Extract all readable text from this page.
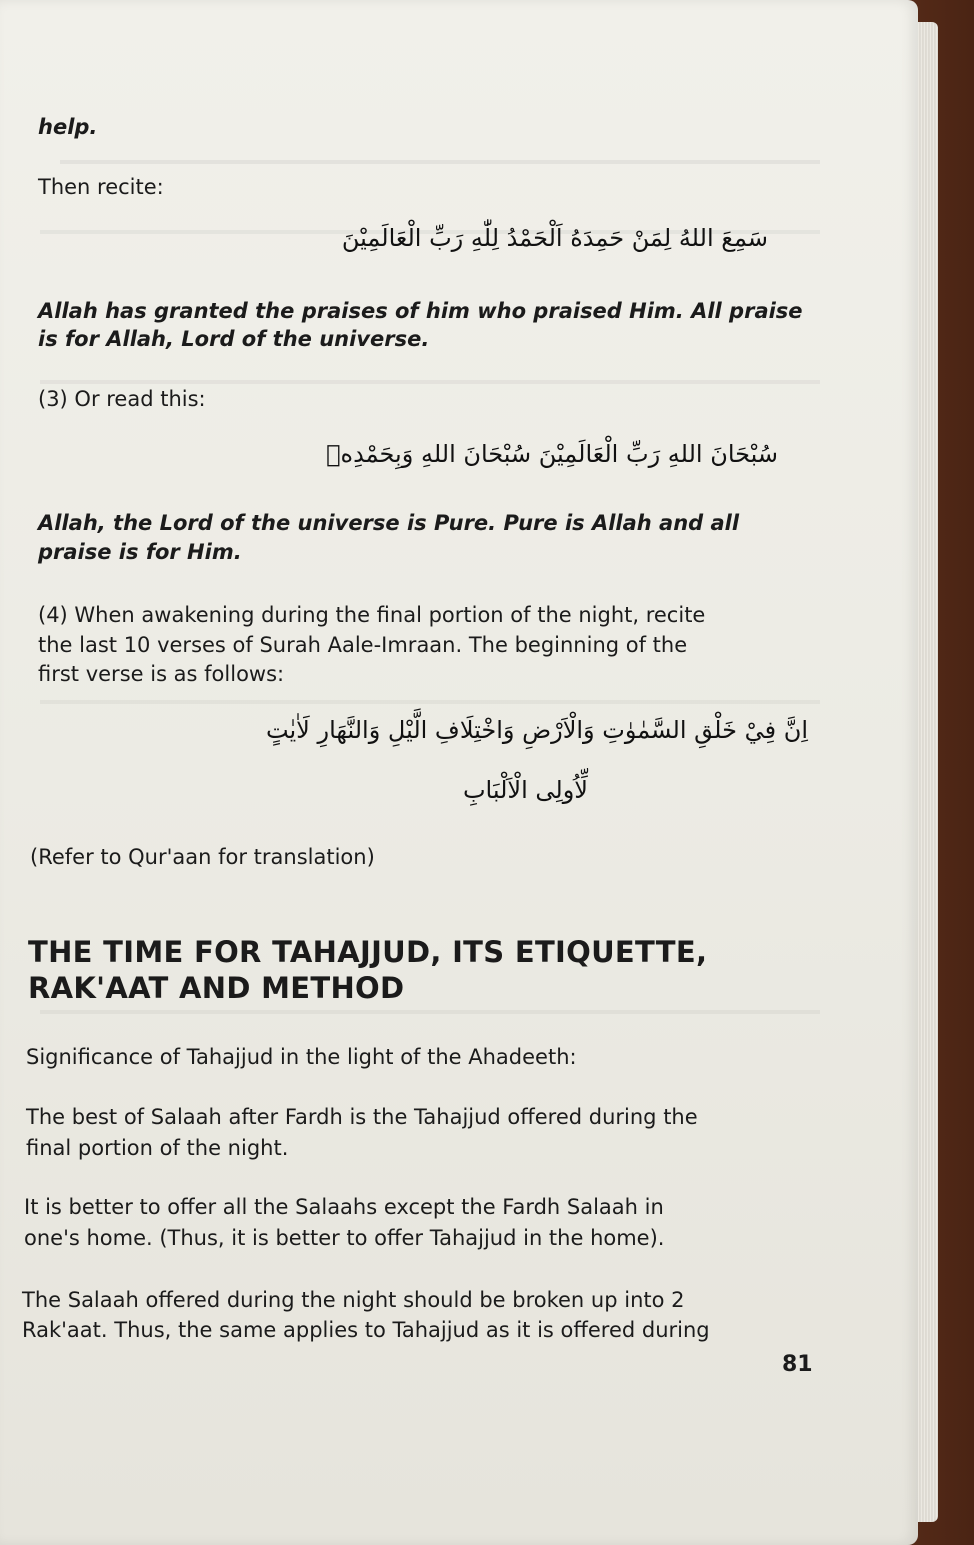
help.
Then recite:
سَمِعَ اللهُ لِمَنْ حَمِدَهُ اَلْحَمْدُ لِلّٰهِ رَبِّ الْعَالَمِيْنَ
Allah has granted the praises of him who praised Him. All praise
is for Allah, Lord of the universe.
(3) Or read this:
سُبْحَانَ اللهِ رَبِّ الْعَالَمِيْنَ سُبْحَانَ اللهِ وَبِحَمْدِهٖ
Allah, the Lord of the universe is Pure. Pure is Allah and all
praise is for Him.
(4) When awakening during the final portion of the night, recite
the last 10 verses of Surah Aale-Imraan. The beginning of the
first verse is as follows:
اِنَّ فِيْ خَلْقِ السَّمٰوٰتِ وَالْاَرْضِ وَاخْتِلَافِ الَّيْلِ وَالنَّهَارِ لَاٰيٰتٍ
لِّاُولِى الْاَلْبَابِ
(Refer to Qur'aan for translation)
THE TIME FOR TAHAJJUD, ITS ETIQUETTE,
RAK'AAT AND METHOD
Significance of Tahajjud in the light of the Ahadeeth:
The best of Salaah after Fardh is the Tahajjud offered during the
final portion of the night.
It is better to offer all the Salaahs except the Fardh Salaah in
one's home. (Thus, it is better to offer Tahajjud in the home).
The Salaah offered during the night should be broken up into 2
Rak'aat. Thus, the same applies to Tahajjud as it is offered during
81
